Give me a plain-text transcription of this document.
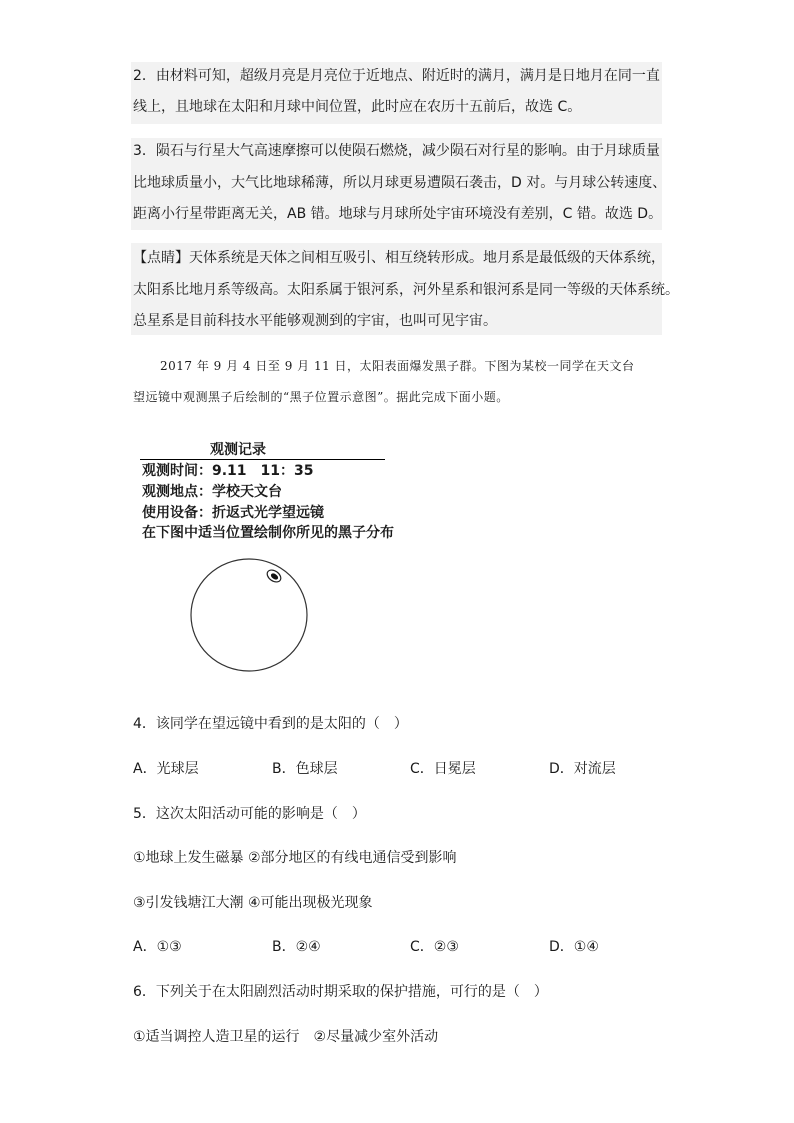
2．由材料可知，超级月亮是月亮位于近地点、附近时的满月，满月是日地月在同一直
线上，且地球在太阳和月球中间位置，此时应在农历十五前后，故选 C。
3．陨石与行星大气高速摩擦可以使陨石燃烧，减少陨石对行星的影响。由于月球质量
比地球质量小，大气比地球稀薄，所以月球更易遭陨石袭击，D 对。与月球公转速度、
距离小行星带距离无关，AB 错。地球与月球所处宇宙环境没有差别，C 错。故选 D。
【点睛】天体系统是天体之间相互吸引、相互绕转形成。地月系是最低级的天体系统，
太阳系比地月系等级高。太阳系属于银河系，河外星系和银河系是同一等级的天体系统。
总星系是目前科技水平能够观测到的宇宙，也叫可见宇宙。
2017 年 9 月 4 日至 9 月 11 日，太阳表面爆发黑子群。下图为某校一同学在天文台
望远镜中观测黑子后绘制的“黑子位置示意图”。据此完成下面小题。
观测记录
观测时间：9.11　11：35
观测地点：学校天文台
使用设备：折返式光学望远镜
在下图中适当位置绘制你所见的黑子分布
4．该同学在望远镜中看到的是太阳的（　）
A．光球层	B．色球层	C．日冕层	D．对流层
5．这次太阳活动可能的影响是（　）
①地球上发生磁暴 ②部分地区的有线电通信受到影响
③引发钱塘江大潮 ④可能出现极光现象
A．①③	B．②④	C．②③	D．①④
6．下列关于在太阳剧烈活动时期采取的保护措施，可行的是（　）
①适当调控人造卫星的运行　②尽量减少室外活动
